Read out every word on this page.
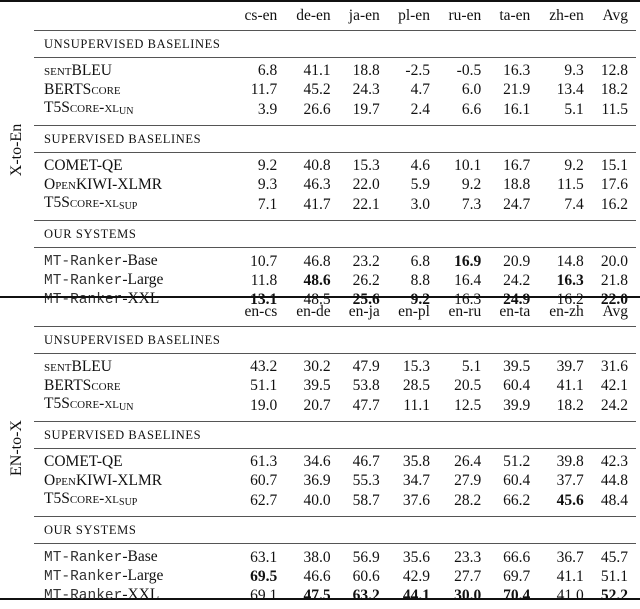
X-to-En
	cs-en	de-en	ja-en	pl-en	ru-en	ta-en	zh-en	Avg
UNSUPERVISED BASELINES								
sentBLEU	6.8	41.1	18.8	-2.5	-0.5	16.3	9.3	12.8
BERTScore	11.7	45.2	24.3	4.7	6.0	21.9	13.4	18.2
$T5Score-xl_{UN}$	3.9	26.6	19.7	2.4	6.6	16.1	5.1	11.5
SUPERVISED BASELINES								
COMET-QE	9.2	40.8	15.3	4.6	10.1	16.7	9.2	15.1
OpenKIWI-XLMR	9.3	46.3	22.0	5.9	9.2	18.8	11.5	17.6
$T5Score-xl_{SUP}$	7.1	41.7	22.1	3.0	7.3	24.7	7.4	16.2
OUR SYSTEMS								
MT-Ranker-Base	10.7	46.8	23.2	6.8	16.9	20.9	14.8	20.0
MT-Ranker-Large	11.8	48.6	26.2	8.8	16.4	24.2	16.3	21.8
MT-Ranker-XXL	13.1	48.5	25.6	9.2	16.3	24.9	16.2	22.0
EN-to-X
	en-cs	en-de	en-ja	en-pl	en-ru	en-ta	en-zh	Avg
UNSUPERVISED BASELINES								
sentBLEU	43.2	30.2	47.9	15.3	5.1	39.5	39.7	31.6
BERTScore	51.1	39.5	53.8	28.5	20.5	60.4	41.1	42.1
$T5Score-xl_{UN}$	19.0	20.7	47.7	11.1	12.5	39.9	18.2	24.2
SUPERVISED BASELINES								
COMET-QE	61.3	34.6	46.7	35.8	26.4	51.2	39.8	42.3
OpenKIWI-XLMR	60.7	36.9	55.3	34.7	27.9	60.4	37.7	44.8
$T5Score-xl_{SUP}$	62.7	40.0	58.7	37.6	28.2	66.2	45.6	48.4
OUR SYSTEMS								
MT-Ranker-Base	63.1	38.0	56.9	35.6	23.3	66.6	36.7	45.7
MT-Ranker-Large	69.5	46.6	60.6	42.9	27.7	69.7	41.1	51.1
MT-Ranker-XXL	69.1	47.5	63.2	44.1	30.0	70.4	41.0	52.2
